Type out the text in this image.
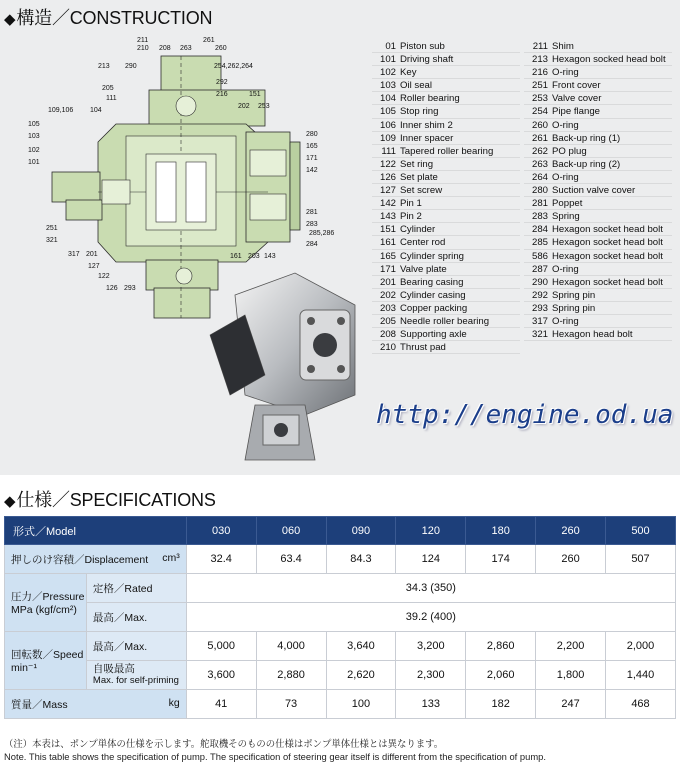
◆構造／CONSTRUCTION
211
210 208 263
261
260
213 290	254,262,264
205
111
292
216	151
202 253
109,106 104
105
103
102
101
280
165
171
142
281
283
285,286
284
251
321
317 201
127
122
126 293
161 203 143
01 Piston sub
101 Driving shaft
102 Key
103 Oil seal
104 Roller bearing
105 Stop ring
106 Inner shim 2
109 Inner spacer
111 Tapered roller bearing
122 Set ring
126 Set plate
127 Set screw
142 Pin 1
143 Pin 2
151 Cylinder
161 Center rod
165 Cylinder spring
171 Valve plate
201 Bearing casing
202 Cylinder casing
203 Copper packing
205 Needle roller bearing
208 Supporting axle
210 Thrust pad
211 Shim
213 Hexagon socked head bolt
216 O-ring
251 Front cover
253 Valve cover
254 Pipe flange
260 O-ring
261 Back-up ring (1)
262 PO plug
263 Back-up ring (2)
264 O-ring
280 Suction valve cover
281 Poppet
283 Spring
284 Hexagon socket head bolt
285 Hexagon socket head bolt
586 Hexagon socket head bolt
287 O-ring
290 Hexagon socket head bolt
292 Spring pin
293 Spring pin
317 O-ring
321 Hexagon head bolt
http://engine.od.ua
◆仕様／SPECIFICATIONS
形式／Model		030	060	090	120	180	260	500

押しのけ容積／Displacement cm³		32.4	63.4	84.3	124	174	260	507

圧力／Pressure
MPa (kgf/cm²)	定格／Rated	34.3 (350)						
	最高／Max.	39.2 (400)						

回転数／Speed
min⁻¹	最高／Max.	5,000	4,000	3,640	3,200	2,860	2,200	2,000

	自吸最高
Max. for self-priming	3,600	2,880	2,620	2,300	2,060	1,800	1,440

質量／Mass kg		41	73	100	133	182	247	468
（注）本表は、ポンプ単体の仕様を示します。舵取機そのものの仕様はポンプ単体仕様とは異なります。
Note. This table shows the specification of pump. The specification of steering gear itself is different from the specification of pump.
